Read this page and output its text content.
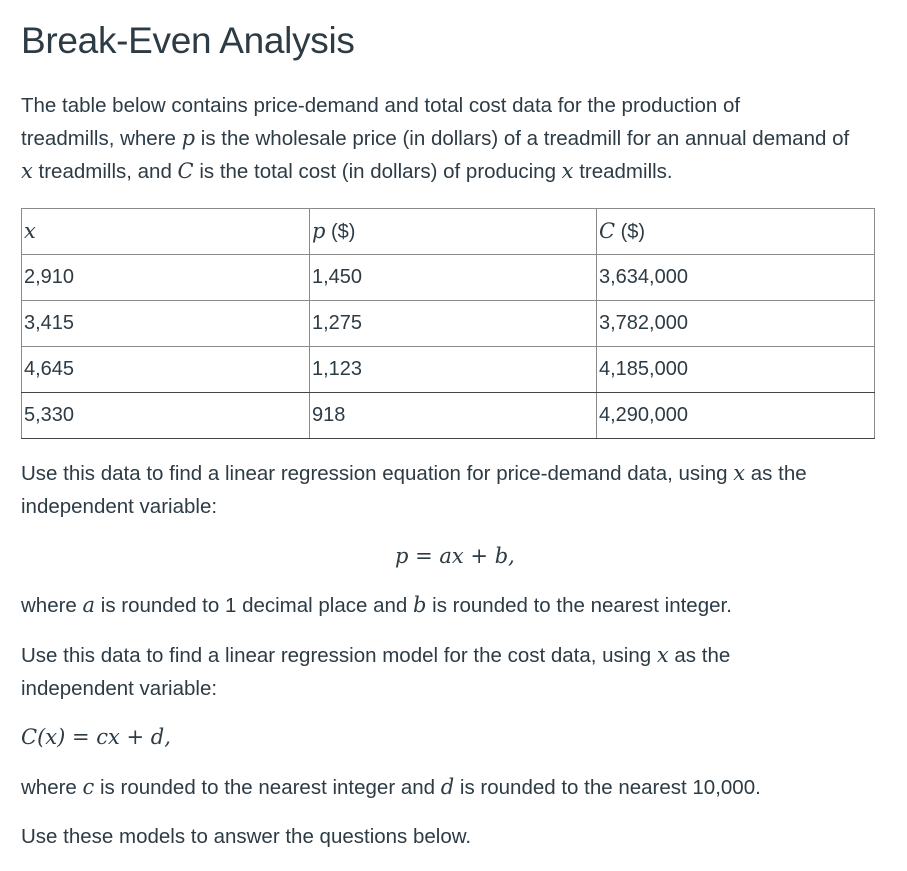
Break-Even Analysis

The table below contains price-demand and total cost data for the production of

treadmills, where p is the wholesale price (in dollars) of a treadmill for an annual demand of

x treadmills, and C is the total cost (in dollars) of producing x treadmills.

x	p ($)	C ($)
2,910	1,450	3,634,000
3,415	1,275	3,782,000
4,645	1,123	4,185,000
5,330	918	4,290,000

Use this data to find a linear regression equation for price-demand data, using x as the

independent variable:

p = ax + b,

where a is rounded to 1 decimal place and b is rounded to the nearest integer.

Use this data to find a linear regression model for the cost data, using x as the

independent variable:

C(x) = cx + d,

where c is rounded to the nearest integer and d is rounded to the nearest 10,000.

Use these models to answer the questions below.
